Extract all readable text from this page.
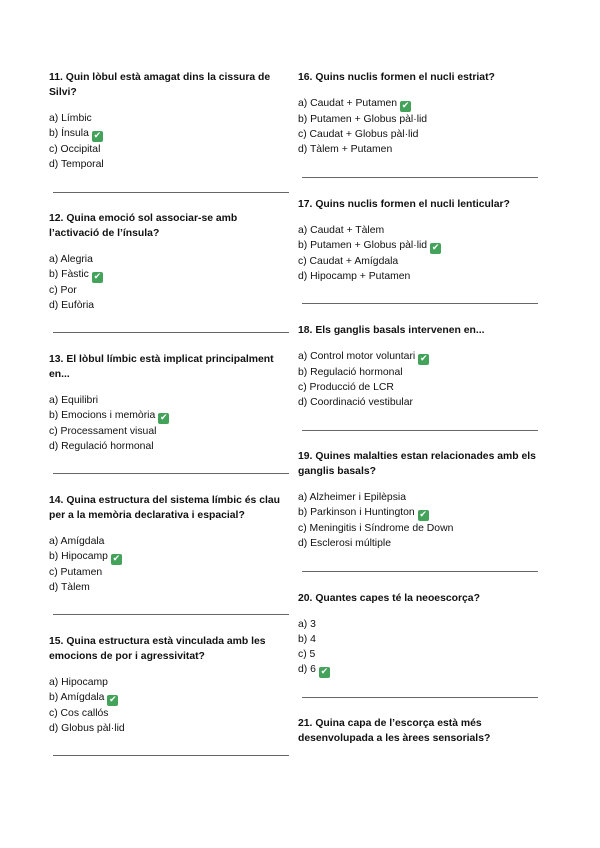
11. Quin lòbul està amagat dins la cissura de Silvi?

a) Límbic
b) Ínsula ✔
c) Occipital
d) Temporal

12. Quina emoció sol associar-se amb l’activació de l’ínsula?

a) Alegria
b) Fàstic ✔
c) Por
d) Eufòria

13. El lòbul límbic està implicat principalment en...

a) Equilibri
b) Emocions i memòria ✔
c) Processament visual
d) Regulació hormonal

14. Quina estructura del sistema límbic és clau per a la memòria declarativa i espacial?

a) Amígdala
b) Hipocamp ✔
c) Putamen
d) Tàlem

15. Quina estructura està vinculada amb les emocions de por i agressivitat?

a) Hipocamp
b) Amígdala ✔
c) Cos callós
d) Globus pàl·lid

16. Quins nuclis formen el nucli estriat?

a) Caudat + Putamen ✔
b) Putamen + Globus pàl·lid
c) Caudat + Globus pàl·lid
d) Tàlem + Putamen

17. Quins nuclis formen el nucli lenticular?

a) Caudat + Tàlem
b) Putamen + Globus pàl·lid ✔
c) Caudat + Amígdala
d) Hipocamp + Putamen

18. Els ganglis basals intervenen en...

a) Control motor voluntari ✔
b) Regulació hormonal
c) Producció de LCR
d) Coordinació vestibular

19. Quines malalties estan relacionades amb els ganglis basals?

a) Alzheimer i Epilèpsia
b) Parkinson i Huntington ✔
c) Meningitis i Síndrome de Down
d) Esclerosi múltiple

20. Quantes capes té la neoescorça?

a) 3
b) 4
c) 5
d) 6 ✔

21. Quina capa de l’escorça està més desenvolupada a les àrees sensorials?
